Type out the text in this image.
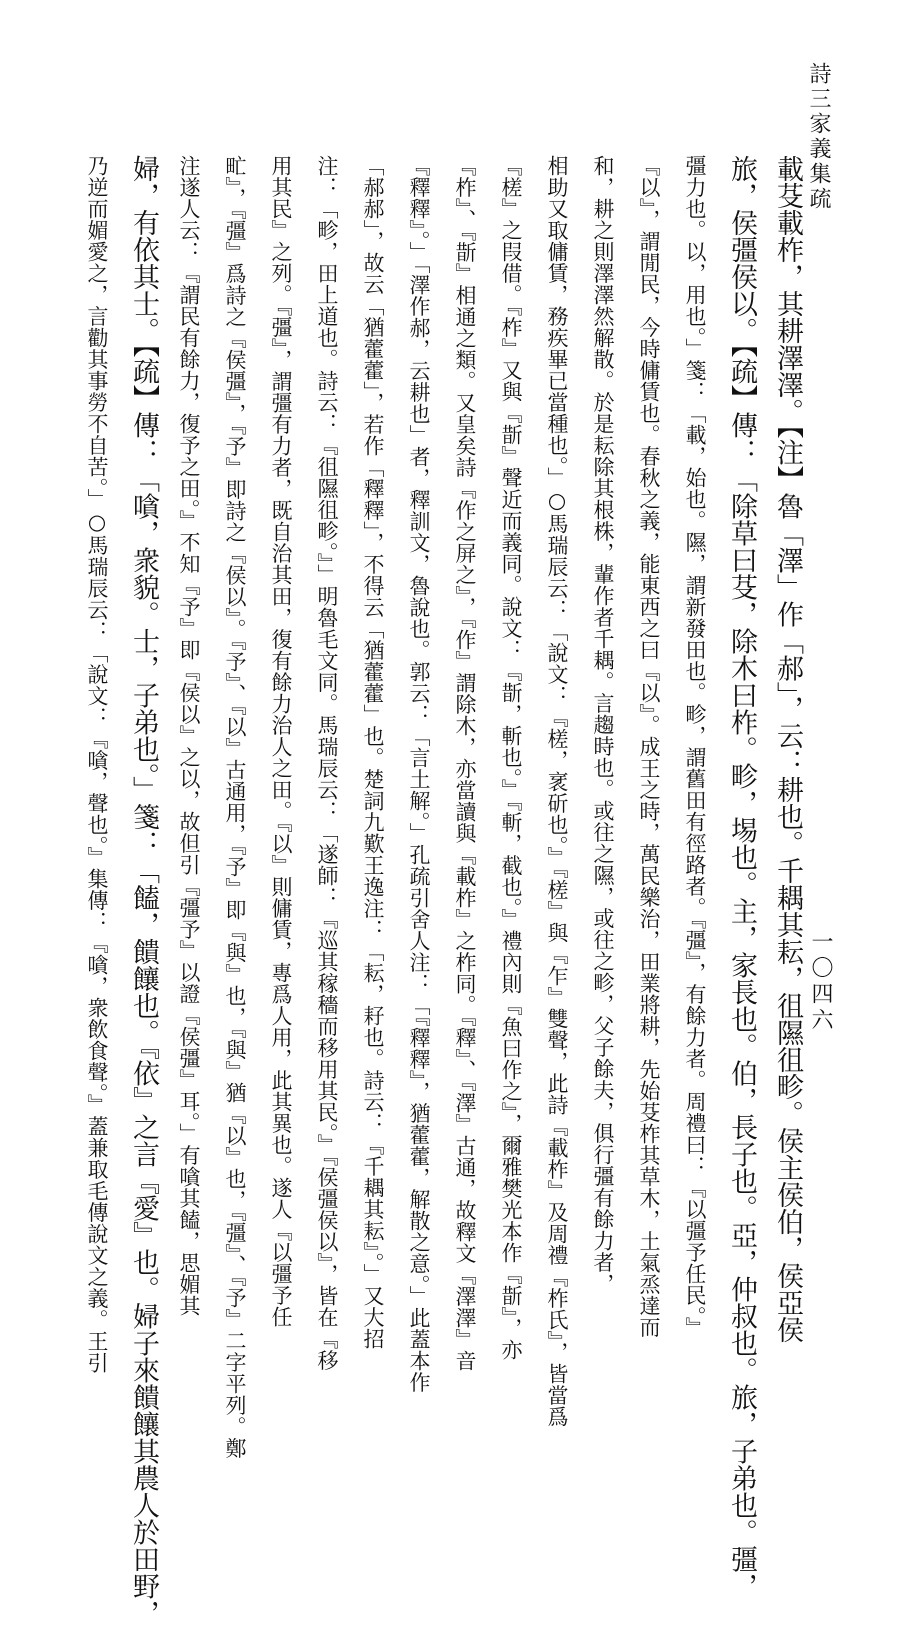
詩三家義集疏
一〇四六
載芟載柞，其耕澤澤。【注】魯「澤」作「郝」，云：耕也。千耦其耘，徂隰徂畛。侯主侯伯，侯亞侯
旅，侯彊侯以。【疏】傳：「除草曰芟，除木曰柞。畛，埸也。主，家長也。伯，長子也。亞，仲叔也。旅，子弟也。彊，
彊力也。以，用也。」箋：「載，始也。隰，謂新發田也。畛，謂舊田有徑路者。『彊』，有餘力者。周禮曰：『以彊予任民。』
『以』，謂閒民，今時傭賃也。春秋之義，能東西之曰『以』。成王之時，萬民樂治，田業將耕，先始芟柞其草木，土氣烝達而
和，耕之則澤澤然解散。於是耘除其根株，輩作者千耦。言趨時也。或往之隰，或往之畛，父子餘夫，俱行彊有餘力者，
相助又取傭賃，務疾畢已當種也。」○馬瑞辰云：「說文：『槎，衺斫也。』『槎』與『乍』雙聲，此詩『載柞』及周禮『柞氏』，皆當爲
『槎』之叚借。『柞』又與『斮』聲近而義同。說文：『斮，斬也。』『斬，截也。』禮內則『魚曰作之』，爾雅樊光本作『斮』，亦
『柞』、『斮』相通之類。又皇矣詩『作之屏之』，『作』謂除木，亦當讀與『載柞』之柞同。『釋』、『澤』古通，故釋文『澤澤』音
『釋釋』。」「澤作郝，云耕也」者，釋訓文，魯說也。郭云：「言土解。」孔疏引舍人注：「『釋釋』，猶藿藿，解散之意。」此蓋本作
「郝郝」，故云「猶藿藿」，若作「釋釋」，不得云「猶藿藿」也。楚詞九歎王逸注：「耘，耔也。詩云：『千耦其耘』。」又大招
注：「畛，田上道也。詩云：『徂隰徂畛。』」明魯毛文同。馬瑞辰云：「遂師：『巡其稼穡而移用其民。』『侯彊侯以』，皆在『移
用其民』之列。『彊』，謂彊有力者，既自治其田，復有餘力治人之田。『以』則傭賃，專爲人用，此其異也。遂人『以彊予任
甿』，『彊』爲詩之『侯彊』，『予』即詩之『侯以』。『予』、『以』古通用，『予』即『與』也，『與』猶『以』也，『彊』、『予』二字平列。鄭
注遂人云：『謂民有餘力，復予之田。』不知『予』即『侯以』之以，故但引『彊予』以證『侯彊』耳。」有嗿其饁，思媚其
婦，有依其士。【疏】傳：「嗿，衆貌。士，子弟也。」箋：「饁，饋饟也。『依』之言『愛』也。婦子來饋饟其農人於田野，
乃逆而媚愛之，言勸其事勞不自苦。」○馬瑞辰云：「說文：『嗿，聲也。』集傳：『嗿，衆飲食聲。』蓋兼取毛傳說文之義。王引
